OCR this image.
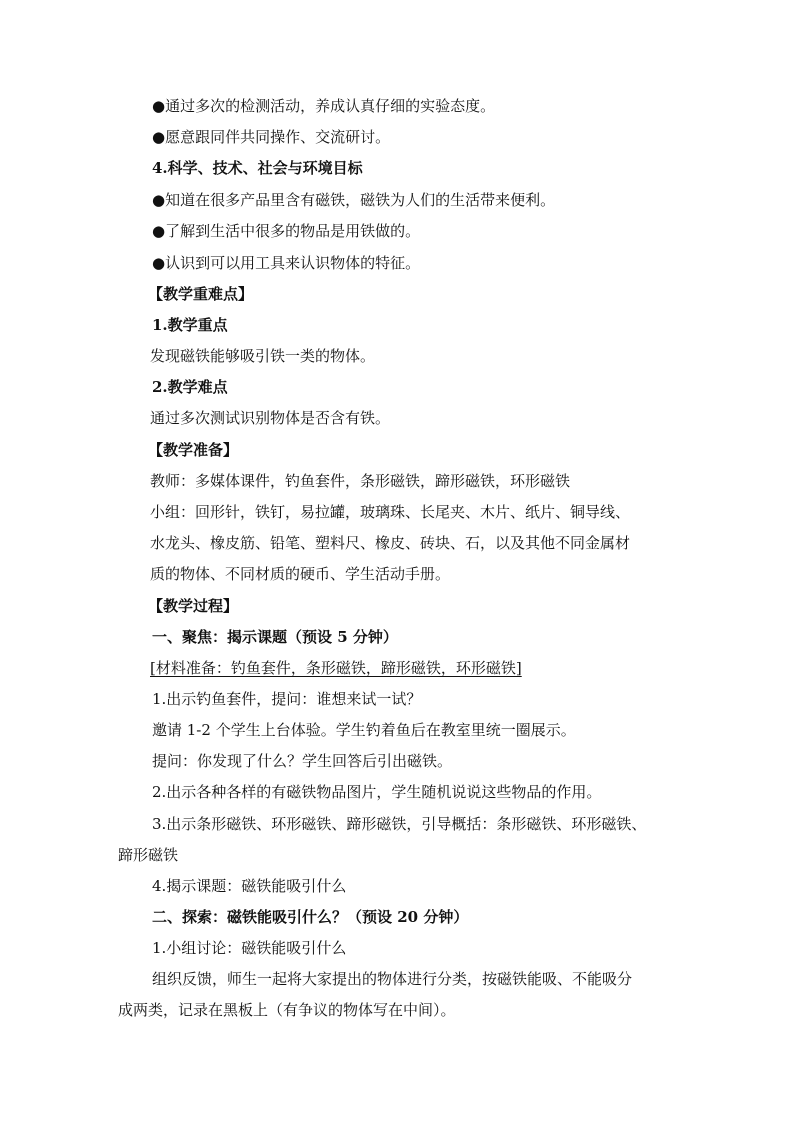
●通过多次的检测活动，养成认真仔细的实验态度。
●愿意跟同伴共同操作、交流研讨。
4.科学、技术、社会与环境目标
●知道在很多产品里含有磁铁，磁铁为人们的生活带来便利。
●了解到生活中很多的物品是用铁做的。
●认识到可以用工具来认识物体的特征。
【教学重难点】
1.教学重点
发现磁铁能够吸引铁一类的物体。
2.教学难点
通过多次测试识别物体是否含有铁。
【教学准备】
教师：多媒体课件，钓鱼套件，条形磁铁，蹄形磁铁，环形磁铁
小组：回形针，铁钉，易拉罐，玻璃珠、长尾夹、木片、纸片、铜导线、
水龙头、橡皮筋、铅笔、塑料尺、橡皮、砖块、石，以及其他不同金属材
质的物体、不同材质的硬币、学生活动手册。
【教学过程】
一、聚焦：揭示课题（预设 5 分钟）
[材料准备：钓鱼套件，条形磁铁，蹄形磁铁，环形磁铁]
1.出示钓鱼套件，提问：谁想来试一试？
邀请 1-2 个学生上台体验。学生钓着鱼后在教室里统一圈展示。
提问：你发现了什么？学生回答后引出磁铁。
2.出示各种各样的有磁铁物品图片，学生随机说说这些物品的作用。
3.出示条形磁铁、环形磁铁、蹄形磁铁，引导概括：条形磁铁、环形磁铁、
蹄形磁铁
4.揭示课题：磁铁能吸引什么
二、探索：磁铁能吸引什么？（预设 20 分钟）
1.小组讨论：磁铁能吸引什么
组织反馈，师生一起将大家提出的物体进行分类，按磁铁能吸、不能吸分
成两类，记录在黑板上（有争议的物体写在中间）。
